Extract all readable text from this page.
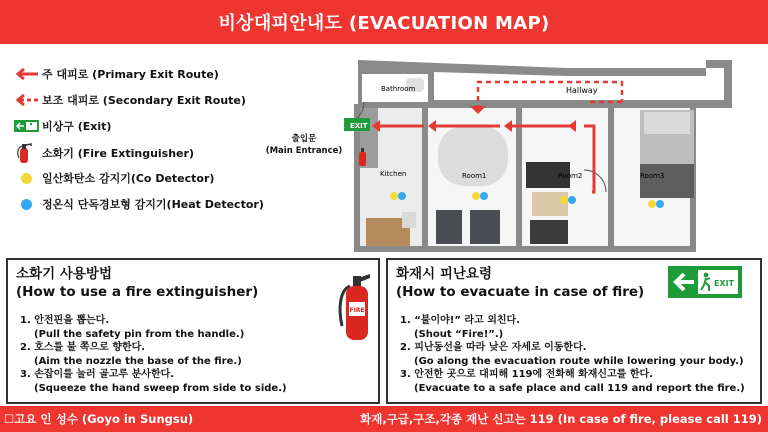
비상대피안내도 (EVACUATION MAP)
주 대피로 (Primary Exit Route)
보조 대피로 (Secondary Exit Route)
비상구 (Exit)
소화기 (Fire Extinguisher)
일산화탄소 감지기(Co Detector)
정온식 단독경보형 감지기(Heat Detector)
출입문
(Main Entrance)
Bathroom	Hallway
Kitchen	Room1	Room2	Room3
EXIT
소화기 사용방법
(How to use a fire extinguisher)
1. 안전핀을 뽑는다.
(Pull the safety pin from the handle.)
2. 호스를 불 쪽으로 향한다.
(Aim the nozzle the base of the fire.)
3. 손잡이를 눌러 골고루 분사한다.
(Squeeze the hand sweep from side to side.)
FIRE
화재시 피난요령
(How to evacuate in case of fire)
1. “불이야!” 라고 외친다.
(Shout “Fire!”.)
2. 피난동선을 따라 낮은 자세로 이동한다.
(Go along the evacuation route while lowering your body.)
3. 안전한 곳으로 대피해 119에 전화해 화재신고를 한다.
(Evacuate to a safe place and call 119 and report the fire.)
EXIT
☐고요 인 성수 (Goyo in Sungsu)	화재,구급,구조,각종 재난 신고는 119 (In case of fire, please call 119)
